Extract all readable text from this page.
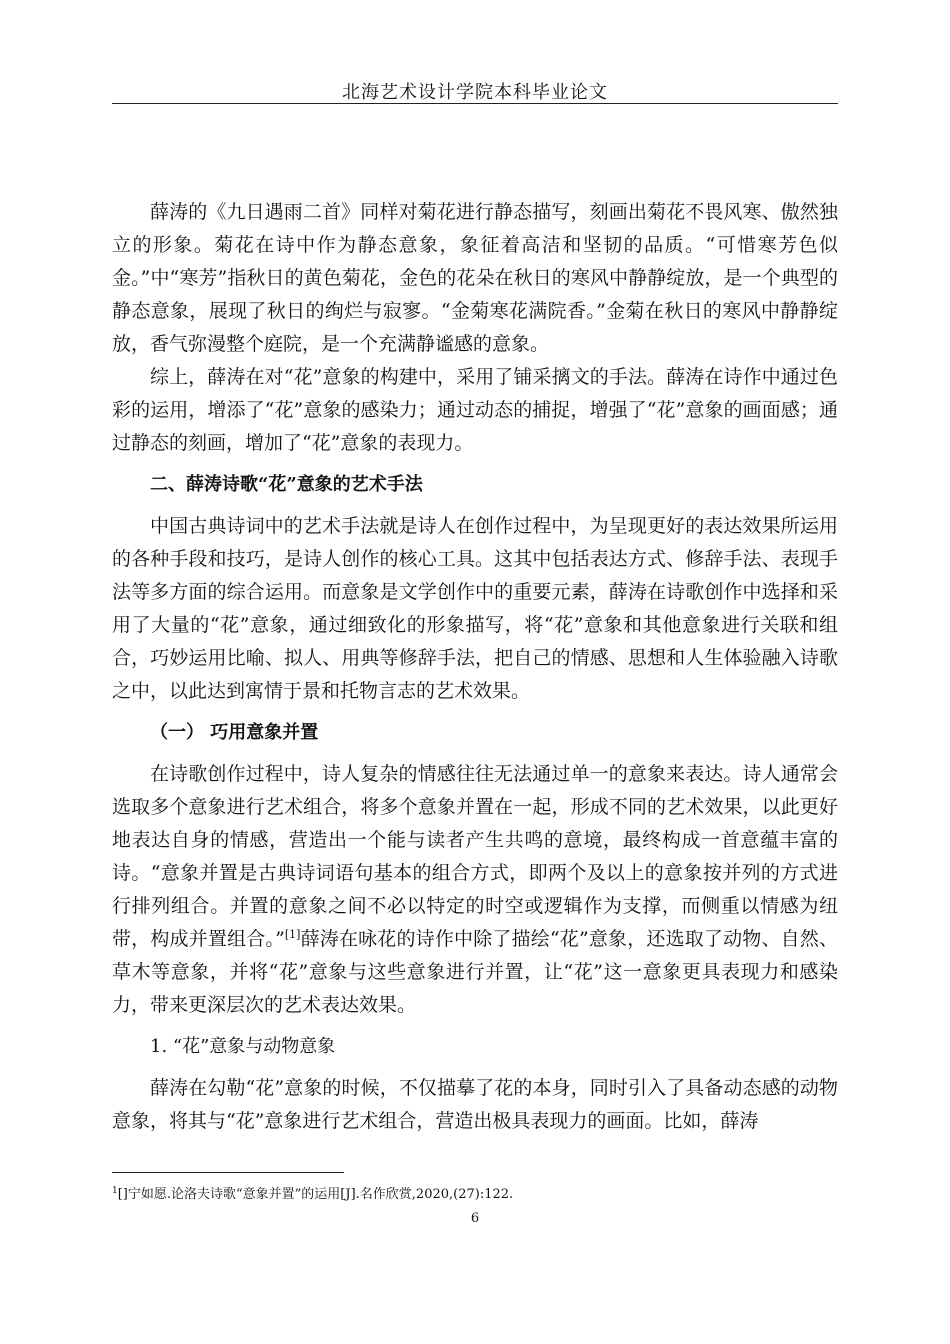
北海艺术设计学院本科毕业论文

薛涛的《九日遇雨二首》同样对菊花进行静态描写，刻画出菊花不畏风寒、傲然独立的形象。菊花在诗中作为静态意象，象征着高洁和坚韧的品质。“可惜寒芳色似金。”中“寒芳”指秋日的黄色菊花，金色的花朵在秋日的寒风中静静绽放，是一个典型的静态意象，展现了秋日的绚烂与寂寥。“金菊寒花满院香。”金菊在秋日的寒风中静静绽放，香气弥漫整个庭院，是一个充满静谧感的意象。

综上，薛涛在对“花”意象的构建中，采用了铺采摛文的手法。薛涛在诗作中通过色彩的运用，增添了“花”意象的感染力；通过动态的捕捉，增强了“花”意象的画面感；通过静态的刻画，增加了“花”意象的表现力。

二、薛涛诗歌“花”意象的艺术手法

中国古典诗词中的艺术手法就是诗人在创作过程中，为呈现更好的表达效果所运用的各种手段和技巧，是诗人创作的核心工具。这其中包括表达方式、修辞手法、表现手法等多方面的综合运用。而意象是文学创作中的重要元素，薛涛在诗歌创作中选择和采用了大量的“花”意象，通过细致化的形象描写，将“花”意象和其他意象进行关联和组合，巧妙运用比喻、拟人、用典等修辞手法，把自己的情感、思想和人生体验融入诗歌之中，以此达到寓情于景和托物言志的艺术效果。

（一） 巧用意象并置

在诗歌创作过程中，诗人复杂的情感往往无法通过单一的意象来表达。诗人通常会选取多个意象进行艺术组合，将多个意象并置在一起，形成不同的艺术效果，以此更好地表达自身的情感，营造出一个能与读者产生共鸣的意境，最终构成一首意蕴丰富的诗。“意象并置是古典诗词语句基本的组合方式，即两个及以上的意象按并列的方式进行排列组合。并置的意象之间不必以特定的时空或逻辑作为支撑，而侧重以情感为纽带，构成并置组合。”[1]薛涛在咏花的诗作中除了描绘“花”意象，还选取了动物、自然、草木等意象，并将“花”意象与这些意象进行并置，让“花”这一意象更具表现力和感染力，带来更深层次的艺术表达效果。

1. “花”意象与动物意象

薛涛在勾勒“花”意象的时候，不仅描摹了花的本身，同时引入了具备动态感的动物意象，将其与“花”意象进行艺术组合，营造出极具表现力的画面。比如，薛涛

$^1$[]宁如愿.论洛夫诗歌“意象并置”的运用[J].名作欣赏,2020,(27):122.
6
